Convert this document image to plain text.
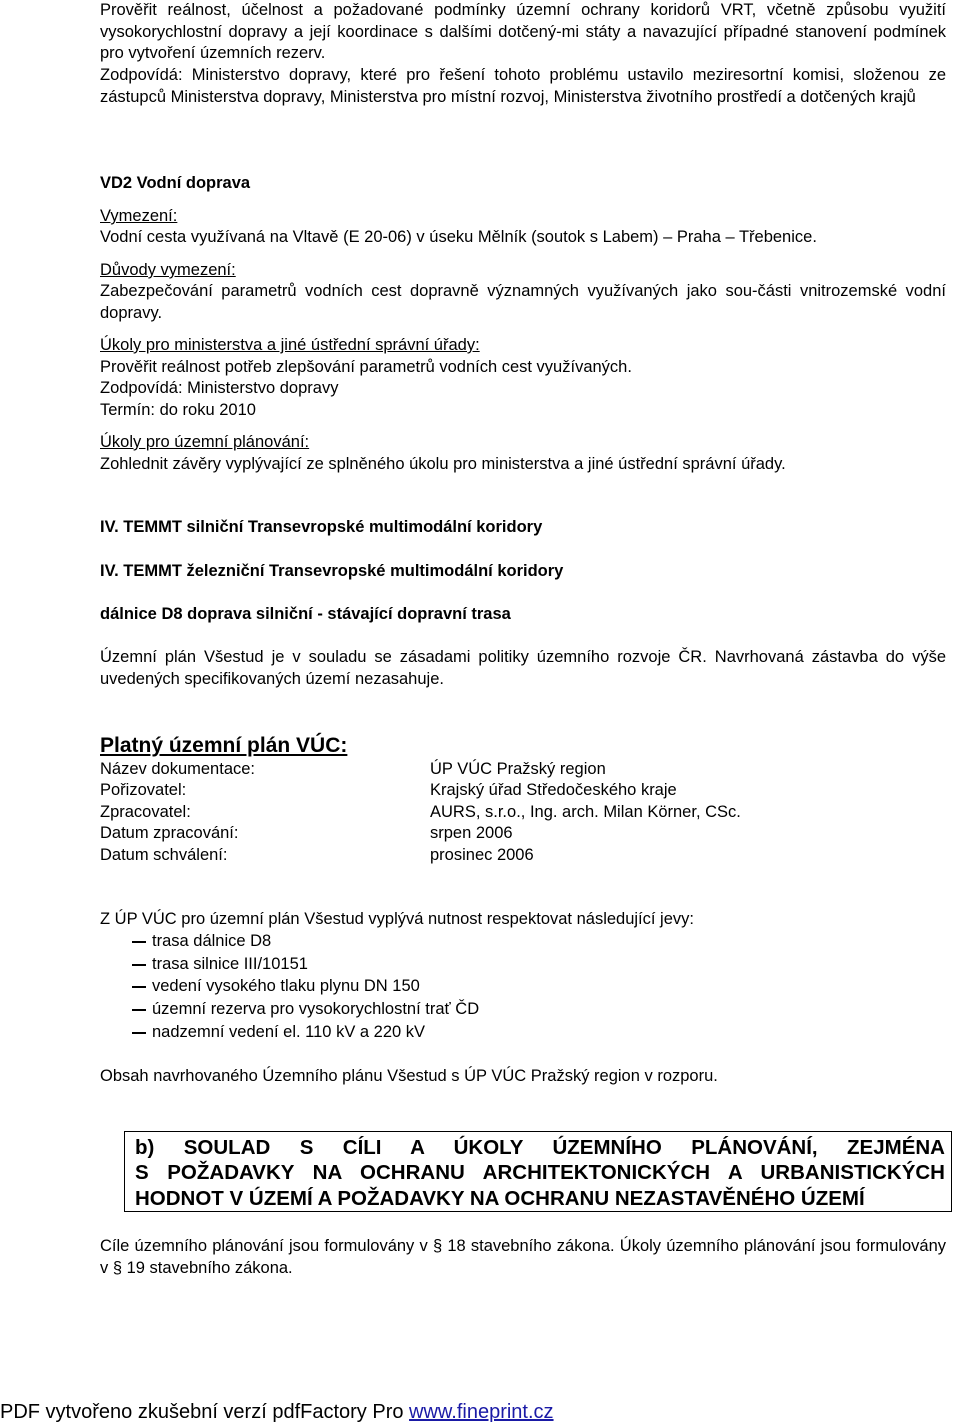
Prověřit reálnost, účelnost a požadované podmínky územní ochrany koridorů VRT, včetně způsobu využití vysokorychlostní dopravy a její koordinace s dalšími dotčený-mi státy a navazující případné stanovení podmínek pro vytvoření územních rezerv.

Zodpovídá: Ministerstvo dopravy, které pro řešení tohoto problému ustavilo meziresortní komisi, složenou ze zástupců Ministerstva dopravy, Ministerstva pro místní rozvoj, Ministerstva životního prostředí a dotčených krajů

VD2 Vodní doprava

Vymezení:

Vodní cesta využívaná na Vltavě (E 20-06) v úseku Mělník (soutok s Labem) – Praha – Třebenice.

Důvody vymezení:

Zabezpečování parametrů vodních cest dopravně významných využívaných jako sou-části vnitrozemské vodní dopravy.

Úkoly pro ministerstva a jiné ústřední správní úřady:

Prověřit reálnost potřeb zlepšování parametrů vodních cest využívaných.

Zodpovídá: Ministerstvo dopravy

Termín: do roku 2010

Úkoly pro územní plánování:

Zohlednit závěry vyplývající ze splněného úkolu pro ministerstva a jiné ústřední správní úřady.

IV. TEMMT silniční Transevropské multimodální koridory

IV. TEMMT železniční Transevropské multimodální koridory

dálnice D8 doprava silniční - stávající dopravní trasa

Územní plán Všestud je v souladu se zásadami politiky územního rozvoje ČR. Navrhovaná zástavba do výše uvedených specifikovaných území nezasahuje.

Platný územní plán VÚC:

Název dokumentace:	ÚP VÚC Pražský region
Pořizovatel:	Krajský úřad Středočeského kraje
Zpracovatel:	AURS, s.r.o., Ing. arch. Milan Körner, CSc.
Datum zpracování:	srpen 2006
Datum schválení:	prosinec 2006

Z ÚP VÚC pro územní plán Všestud vyplývá nutnost respektovat následující jevy:

trasa dálnice D8
trasa silnice III/10151
vedení vysokého tlaku plynu DN 150
územní rezerva pro vysokorychlostní trať ČD
nadzemní vedení el. 110 kV a 220 kV

Obsah navrhovaného Územního plánu Všestud s ÚP VÚC Pražský region v rozporu.

Cíle územního plánování jsou formulovány v § 18 stavebního zákona. Úkoly územního plánování jsou formulovány v § 19 stavebního zákona.

b) SOULAD S CÍLI A ÚKOLY ÚZEMNÍHO PLÁNOVÁNÍ, ZEJMÉNA
S POŽADAVKY NA OCHRANU ARCHITEKTONICKÝCH A URBANISTICKÝCH
HODNOT V ÚZEMÍ A POŽADAVKY NA OCHRANU NEZASTAVĚNÉHO ÚZEMÍ
PDF vytvořeno zkušební verzí pdfFactory Pro www.fineprint.cz
